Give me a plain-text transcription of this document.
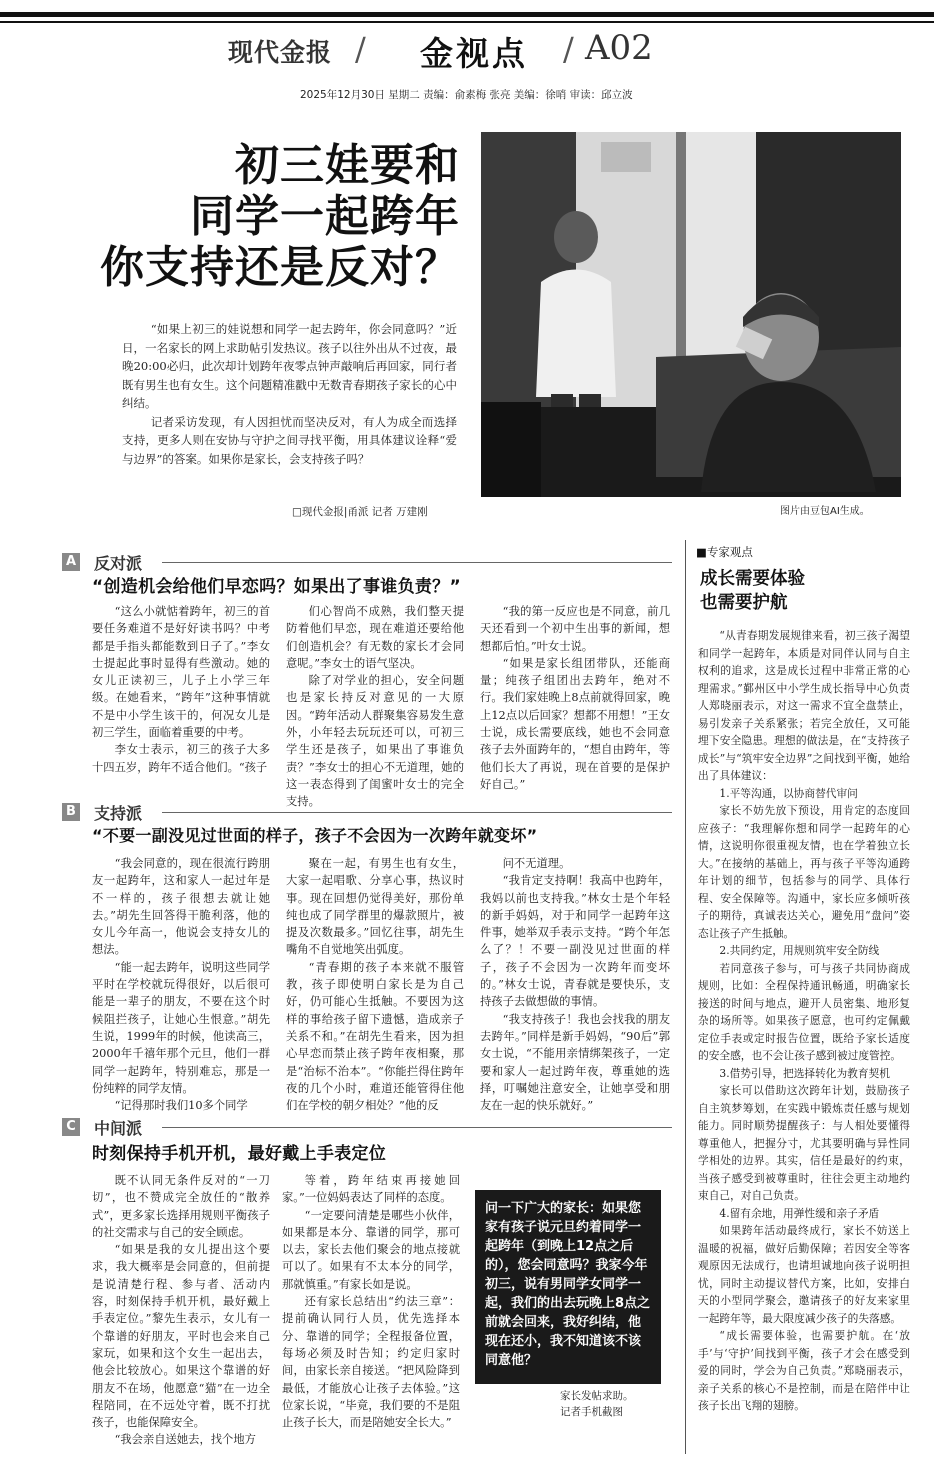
现代金报 / 金视点 / A02
2025年12月30日 星期二 责编：俞素梅 张亮 美编：徐哨 审读：邱立波
初三娃要和
同学一起跨年
你支持还是反对？

“如果上初三的娃说想和同学一起去跨年，你会同意吗？”近日，一名家长的网上求助帖引发热议。孩子以往外出从不过夜，最晚20:00必归，此次却计划跨年夜零点钟声敲响后再回家，同行者既有男生也有女生。这个问题精准戳中无数青春期孩子家长的心中纠结。

记者采访发现，有人因担忧而坚决反对，有人为成全而选择支持，更多人则在安协与守护之间寻找平衡，用具体建议诠释“爱与边界”的答案。如果你是家长，会支持孩子吗？

□现代金报|甬派 记者 万建刚	图片由豆包AI生成。
A 反对派
“创造机会给他们早恋吗？如果出了事谁负责？”

“这么小就惦着跨年，初三的首要任务难道不是好好读书吗？中考都是手指头都能数到日子了。”李女士提起此事时显得有些激动。她的女儿正读初三，儿子上小学三年级。在她看来，“跨年”这种事情就不是中小学生该干的，何况女儿是初三学生，面临着重要的中考。

李女士表示，初三的孩子大多十四五岁，跨年不适合他们。“孩子

们心智尚不成熟，我们整天提防着他们早恋，现在难道还要给他们创造机会？有无数的家长才会同意呢。”李女士的语气坚决。

除了对学业的担心，安全问题也是家长持反对意见的一大原因。“跨年活动人群聚集容易发生意外，小年轻去玩玩还可以，可初三学生还是孩子，如果出了事谁负责？”李女士的担心不无道理，她的这一表态得到了闺蜜叶女士的完全支持。

“我的第一反应也是不同意，前几天还看到一个初中生出事的新闻，想想都后怕。”叶女士说。

“如果是家长组团带队，还能商量；纯孩子组团出去跨年，绝对不行。我们家娃晚上8点前就得回家，晚上12点以后回家？想都不用想！”王女士说，成长需要底线，她也不会同意孩子去外面跨年的，“想自由跨年，等他们长大了再说，现在首要的是保护好自己。”

B 支持派
“不要一副没见过世面的样子，孩子不会因为一次跨年就变坏”

“我会同意的，现在很流行跨朋友一起跨年，这和家人一起过年是不一样的，孩子很想去就让她去。”胡先生回答得干脆利落，他的女儿今年高一，他说会支持女儿的想法。

“能一起去跨年，说明这些同学平时在学校就玩得很好，以后很可能是一辈子的朋友，不要在这个时候阻拦孩子，让她心生恨意。”胡先生说，1999年的时候，他读高三，2000年千禧年那个元旦，他们一群同学一起跨年，特别难忘，那是一份纯粹的同学友情。

“记得那时我们10多个同学

聚在一起，有男生也有女生，大家一起唱歌、分享心事，热议时事。现在回想仍觉得美好，那份单纯也成了同学群里的爆款照片，被提及次数最多。”回忆往事，胡先生嘴角不自觉地笑出弧度。

“青春期的孩子本来就不服管教，孩子即使明白家长是为自己好，仍可能心生抵触。不要因为这样的事给孩子留下遗憾，造成亲子关系不和。”在胡先生看来，因为担心早恋而禁止孩子跨年夜相聚，那是“治标不治本”。“你能拦得住跨年夜的几个小时，难道还能管得住他们在学校的朝夕相处？”他的反

问不无道理。

“我肯定支持啊！我高中也跨年，我妈以前也支持我。”林女士是个年轻的新手妈妈，对于和同学一起跨年这件事，她举双手表示支持。“跨个年怎么了？！不要一副没见过世面的样子，孩子不会因为一次跨年而变坏的。”林女士说，青春就是要快乐，支持孩子去做想做的事情。

“我支持孩子！我也会找我的朋友去跨年。”同样是新手妈妈，“90后”郭女士说，“不能用亲情绑架孩子，一定要和家人一起过跨年夜，尊重她的选择，叮嘱她注意安全，让她享受和朋友在一起的快乐就好。”

C 中间派
时刻保持手机开机，最好戴上手表定位

既不认同无条件反对的“一刀切”，也不赞成完全放任的“散养式”，更多家长选择用规则平衡孩子的社交需求与自己的安全顾虑。

“如果是我的女儿提出这个要求，我大概率是会同意的，但前提是说清楚行程、参与者、活动内容，时刻保持手机开机，最好戴上手表定位。”黎先生表示，女儿有一个靠谱的好朋友，平时也会来自己家玩，如果和这个女生一起出去，他会比较放心。如果这个靠谱的好朋友不在场，他愿意“猫”在一边全程陪同，在不远处守着，既不打扰孩子，也能保障安全。

“我会亲自送她去，找个地方

等着，跨年结束再接她回家。”一位妈妈表达了同样的态度。

“一定要问清楚是哪些小伙伴，如果都是本分、靠谱的同学，那可以去，家长去他们聚会的地点接就可以了。如果有不太本分的同学，那就慎重。”有家长如是说。

还有家长总结出“约法三章”：提前确认同行人员，优先选择本分、靠谱的同学；全程报备位置，每场必须及时告知；约定归家时间，由家长亲自接送。“把风险降到最低，才能放心让孩子去体验。”这位家长说，“毕竟，我们要的不是阻止孩子长大，而是陪她安全长大。”

问一下广大的家长：如果您家有孩子说元旦约着同学一起跨年（到晚上12点之后的），您会同意吗？我家今年初三，说有男同学女同学一起，我们的出去玩晚上8点之前就会回来，我好纠结，他现在还小，我不知道该不该同意他？
家长发帖求助。
记者手机截图
■专家观点
成长需要体验
也需要护航

“从青春期发展规律来看，初三孩子渴望和同学一起跨年，本质是对同伴认同与自主权利的追求，这是成长过程中非常正常的心理需求。”鄞州区中小学生成长指导中心负责人郑晓丽表示，对这一需求不宜全盘禁止，易引发亲子关系紧张；若完全放任，又可能埋下安全隐患。理想的做法是，在“支持孩子成长”与“筑牢安全边界”之间找到平衡，她给出了具体建议：

1.平等沟通，以协商替代审问

家长不妨先放下预设，用肯定的态度回应孩子：“我理解你想和同学一起跨年的心情，这说明你很重视友情，也在学着独立长大。”在接纳的基础上，再与孩子平等沟通跨年计划的细节，包括参与的同学、具体行程、安全保障等。沟通中，家长应多倾听孩子的期待，真诚表达关心，避免用“盘问”姿态让孩子产生抵触。

2.共同约定，用规则筑牢安全防线

若同意孩子参与，可与孩子共同协商成规则，比如：全程保持通讯畅通，明确家长接送的时间与地点，避开人员密集、地形复杂的场所等。如果孩子愿意，也可约定佩戴定位手表或定时报告位置，既给予家长适度的安全感，也不会让孩子感到被过度管控。

3.借势引导，把选择转化为教育契机

家长可以借助这次跨年计划，鼓励孩子自主筑梦筹划，在实践中锻炼责任感与规划能力。同时顺势提醒孩子：与人相处要懂得尊重他人，把握分寸，尤其要明确与异性同学相处的边界。其实，信任是最好的约束，当孩子感受到被尊重时，往往会更主动地约束自己，对自己负责。

4.留有余地，用弹性缓和亲子矛盾

如果跨年活动最终成行，家长不妨送上温暖的祝福，做好后勤保障；若因安全等客观原因无法成行，也请坦诚地向孩子说明担忧，同时主动提议替代方案，比如，安排白天的小型同学聚会，邀请孩子的好友来家里一起跨年等，最大限度减少孩子的失落感。

“成长需要体验，也需要护航。在‘放手’与‘守护’间找到平衡，孩子才会在感受到爱的同时，学会为自己负责。”郑晓丽表示，亲子关系的核心不是控制，而是在陪伴中让孩子长出飞翔的翅膀。
